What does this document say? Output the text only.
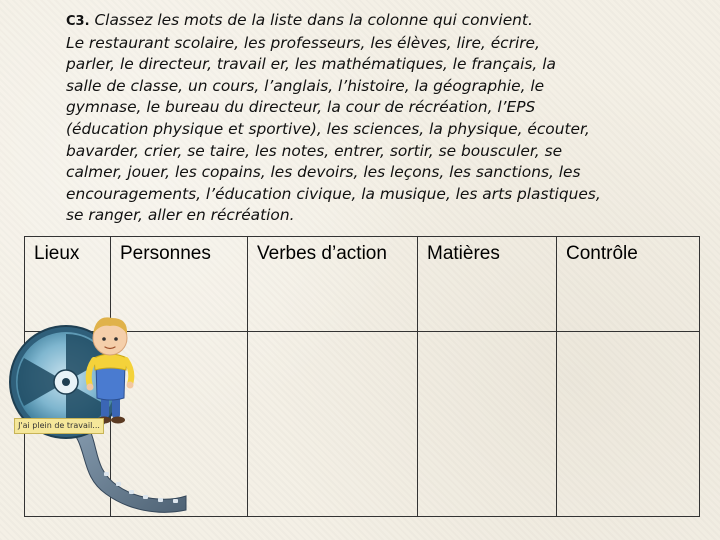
C3. Classez les mots de la liste dans la colonne qui convient.
Le restaurant scolaire, les professeurs, les élèves, lire, écrire,
parler, le directeur, travail er, les mathématiques, le français, la
salle de classe, un cours, l’anglais, l’histoire, la géographie, le
gymnase, le bureau du directeur, la cour de récréation, l’EPS
(éducation physique et sportive), les sciences, la physique, écouter,
bavarder, crier, se taire, les notes, entrer, sortir, se bousculer, se
calmer, jouer, les copains, les devoirs, les leçons, les sanctions, les
encouragements, l’éducation civique, la musique, les arts plastiques,
se ranger, aller en récréation.
Lieux	Personnes	Verbes d’action	Matières	Contrôle

J'ai plein de travail...
